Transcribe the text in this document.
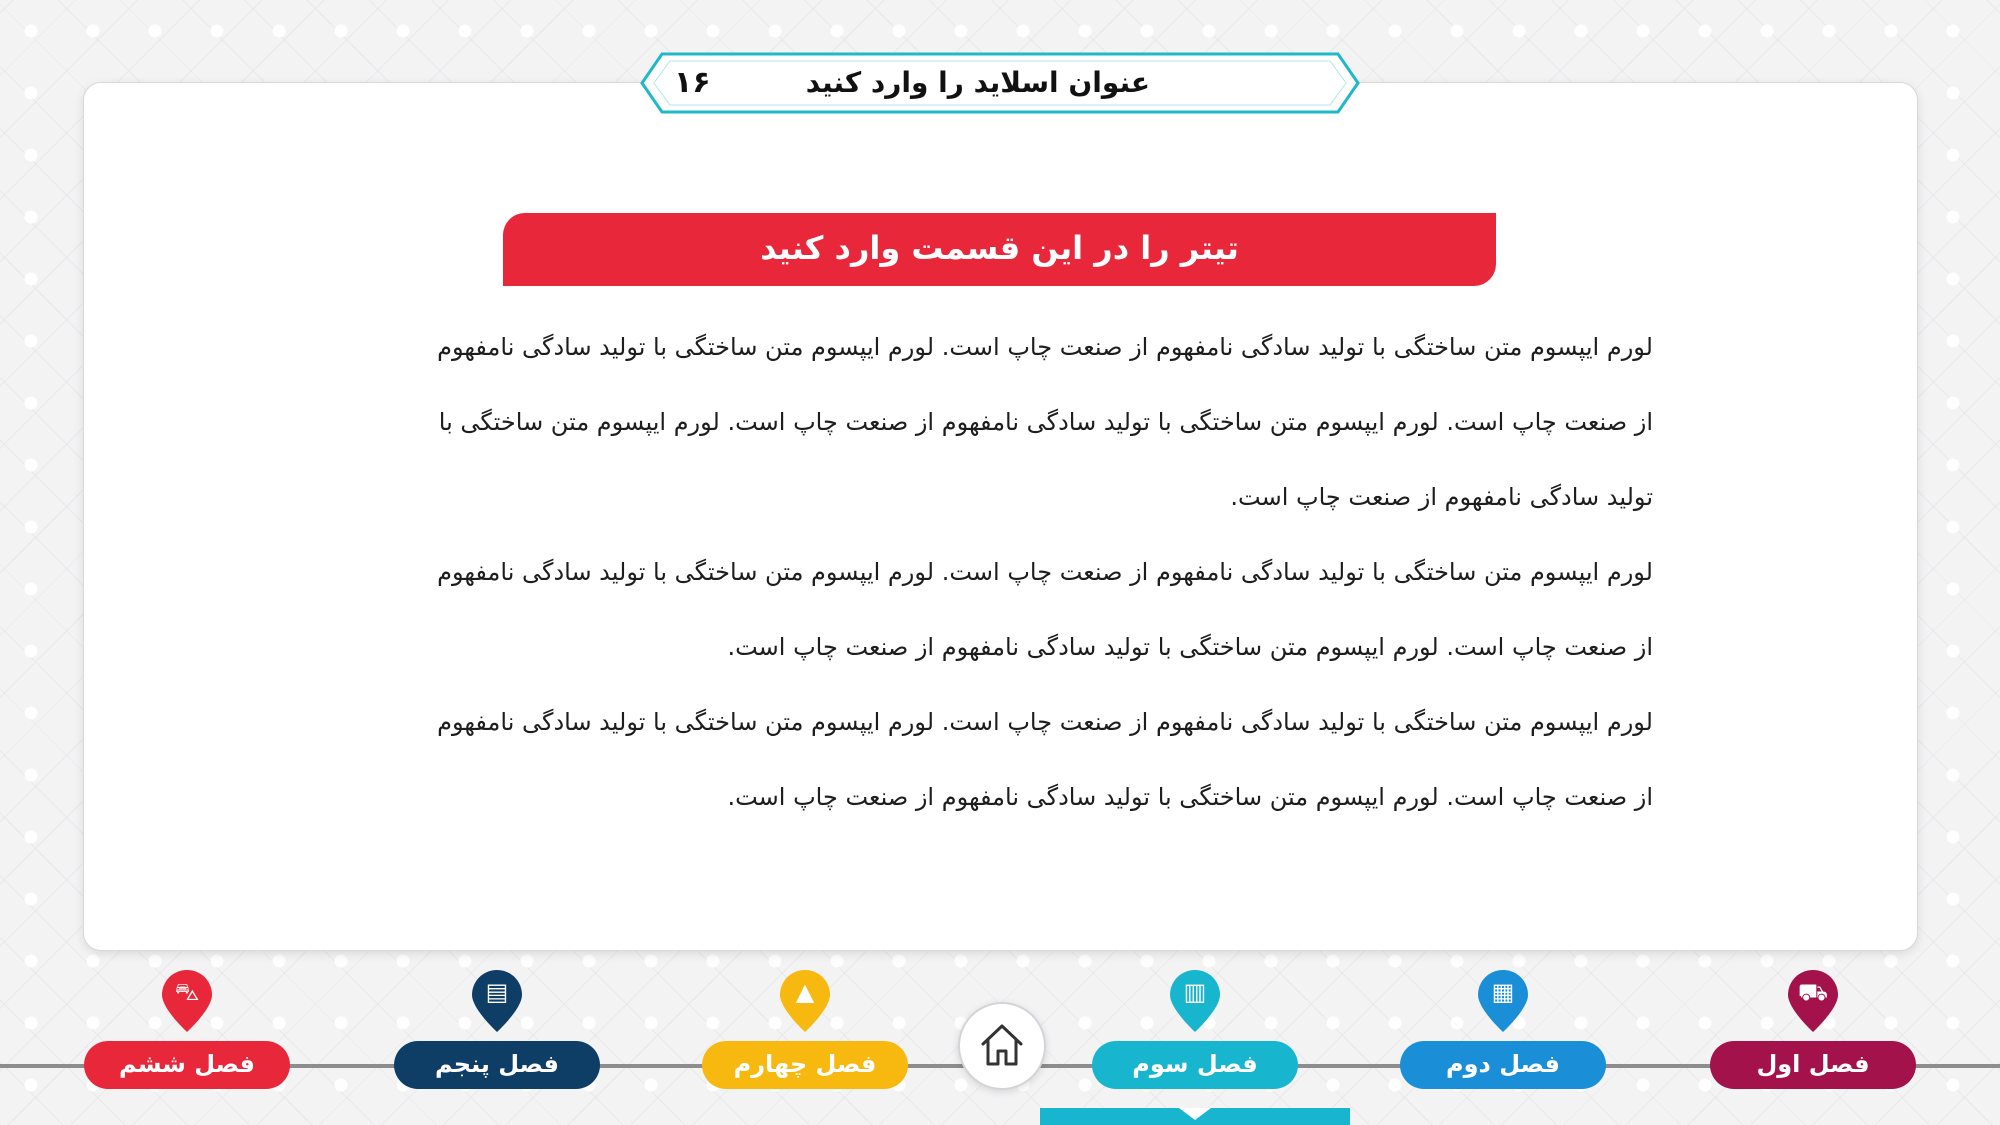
عنوان اسلاید را وارد کنید
۱۶
تیتر را در این قسمت وارد کنید

لورم ایپسوم متن ساختگی با تولید سادگی نامفهوم از صنعت چاپ است. لورم ایپسوم متن ساختگی با تولید سادگی نامفهوم

از صنعت چاپ است. لورم ایپسوم متن ساختگی با تولید سادگی نامفهوم از صنعت چاپ است. لورم ایپسوم متن ساختگی با

تولید سادگی نامفهوم از صنعت چاپ است.

لورم ایپسوم متن ساختگی با تولید سادگی نامفهوم از صنعت چاپ است. لورم ایپسوم متن ساختگی با تولید سادگی نامفهوم

از صنعت چاپ است. لورم ایپسوم متن ساختگی با تولید سادگی نامفهوم از صنعت چاپ است.

لورم ایپسوم متن ساختگی با تولید سادگی نامفهوم از صنعت چاپ است. لورم ایپسوم متن ساختگی با تولید سادگی نامفهوم

از صنعت چاپ است. لورم ایپسوم متن ساختگی با تولید سادگی نامفهوم از صنعت چاپ است.

⛟
فصل اول
▦
فصل دوم
▥
فصل سوم
▲
فصل چهارم
▤
فصل پنجم
⛍
فصل ششم
